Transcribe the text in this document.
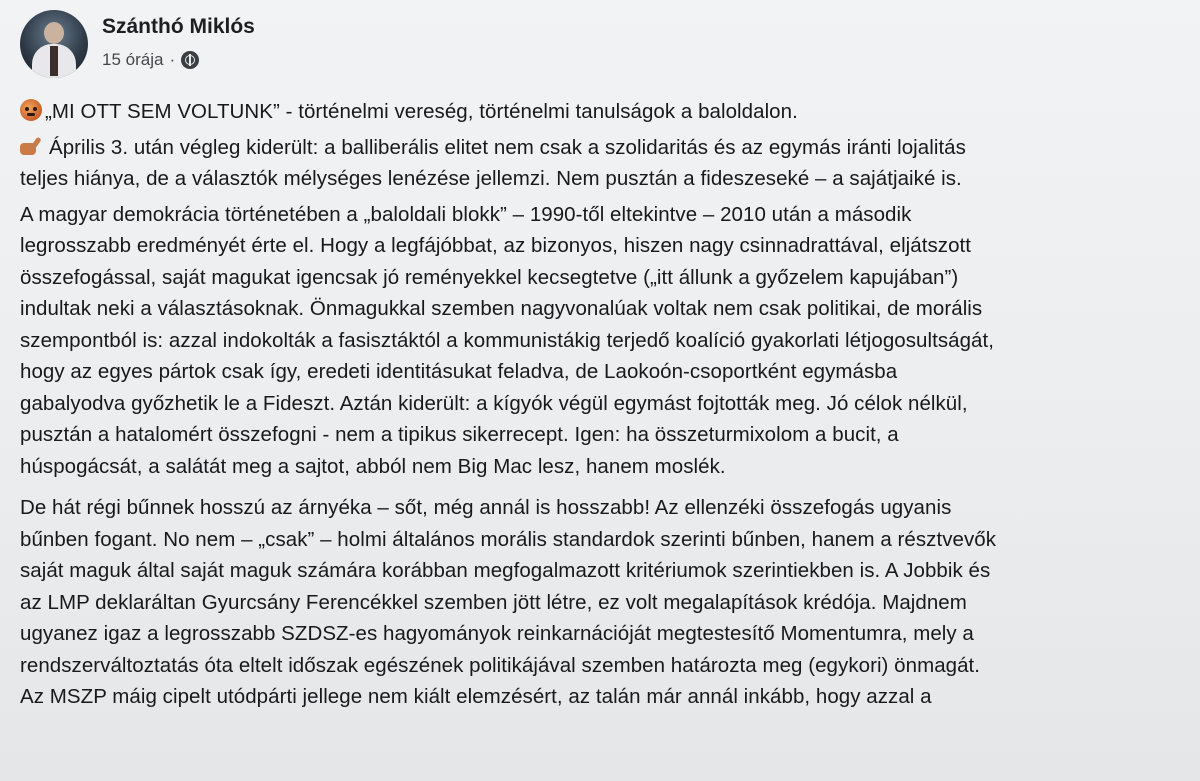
Szánthó Miklós
15 órája ·
„MI OTT SEM VOLTUNK” - történelmi vereség, történelmi tanulságok a baloldalon.
Április 3. után végleg kiderült: a balliberális elitet nem csak a szolidaritás és az egymás iránti lojalitás
teljes hiánya, de a választók mélységes lenézése jellemzi. Nem pusztán a fideszeseké – a sajátjaiké is.
A magyar demokrácia történetében a „baloldali blokk” – 1990-től eltekintve – 2010 után a második
legrosszabb eredményét érte el. Hogy a legfájóbbat, az bizonyos, hiszen nagy csinnadrattával, eljátszott
összefogással, saját magukat igencsak jó reményekkel kecsegtetve („itt állunk a győzelem kapujában”)
indultak neki a választásoknak. Önmagukkal szemben nagyvonalúak voltak nem csak politikai, de morális
szempontból is: azzal indokolták a fasisztáktól a kommunistákig terjedő koalíció gyakorlati létjogosultságát,
hogy az egyes pártok csak így, eredeti identitásukat feladva, de Laokoón-csoportként egymásba
gabalyodva győzhetik le a Fideszt. Aztán kiderült: a kígyók végül egymást fojtották meg. Jó célok nélkül,
pusztán a hatalomért összefogni - nem a tipikus sikerrecept. Igen: ha összeturmixolom a bucit, a
húspogácsát, a salátát meg a sajtot, abból nem Big Mac lesz, hanem moslék.
De hát régi bűnnek hosszú az árnyéka – sőt, még annál is hosszabb! Az ellenzéki összefogás ugyanis
bűnben fogant. No nem – „csak” – holmi általános morális standardok szerinti bűnben, hanem a résztvevők
saját maguk által saját maguk számára korábban megfogalmazott kritériumok szerintiekben is. A Jobbik és
az LMP deklaráltan Gyurcsány Ferencékkel szemben jött létre, ez volt megalapítások krédója. Majdnem
ugyanez igaz a legrosszabb SZDSZ-es hagyományok reinkarnációját megtestesítő Momentumra, mely a
rendszerváltoztatás óta eltelt időszak egészének politikájával szemben határozta meg (egykori) önmagát.
Az MSZP máig cipelt utódpárti jellege nem kiált elemzésért, az talán már annál inkább, hogy azzal a
